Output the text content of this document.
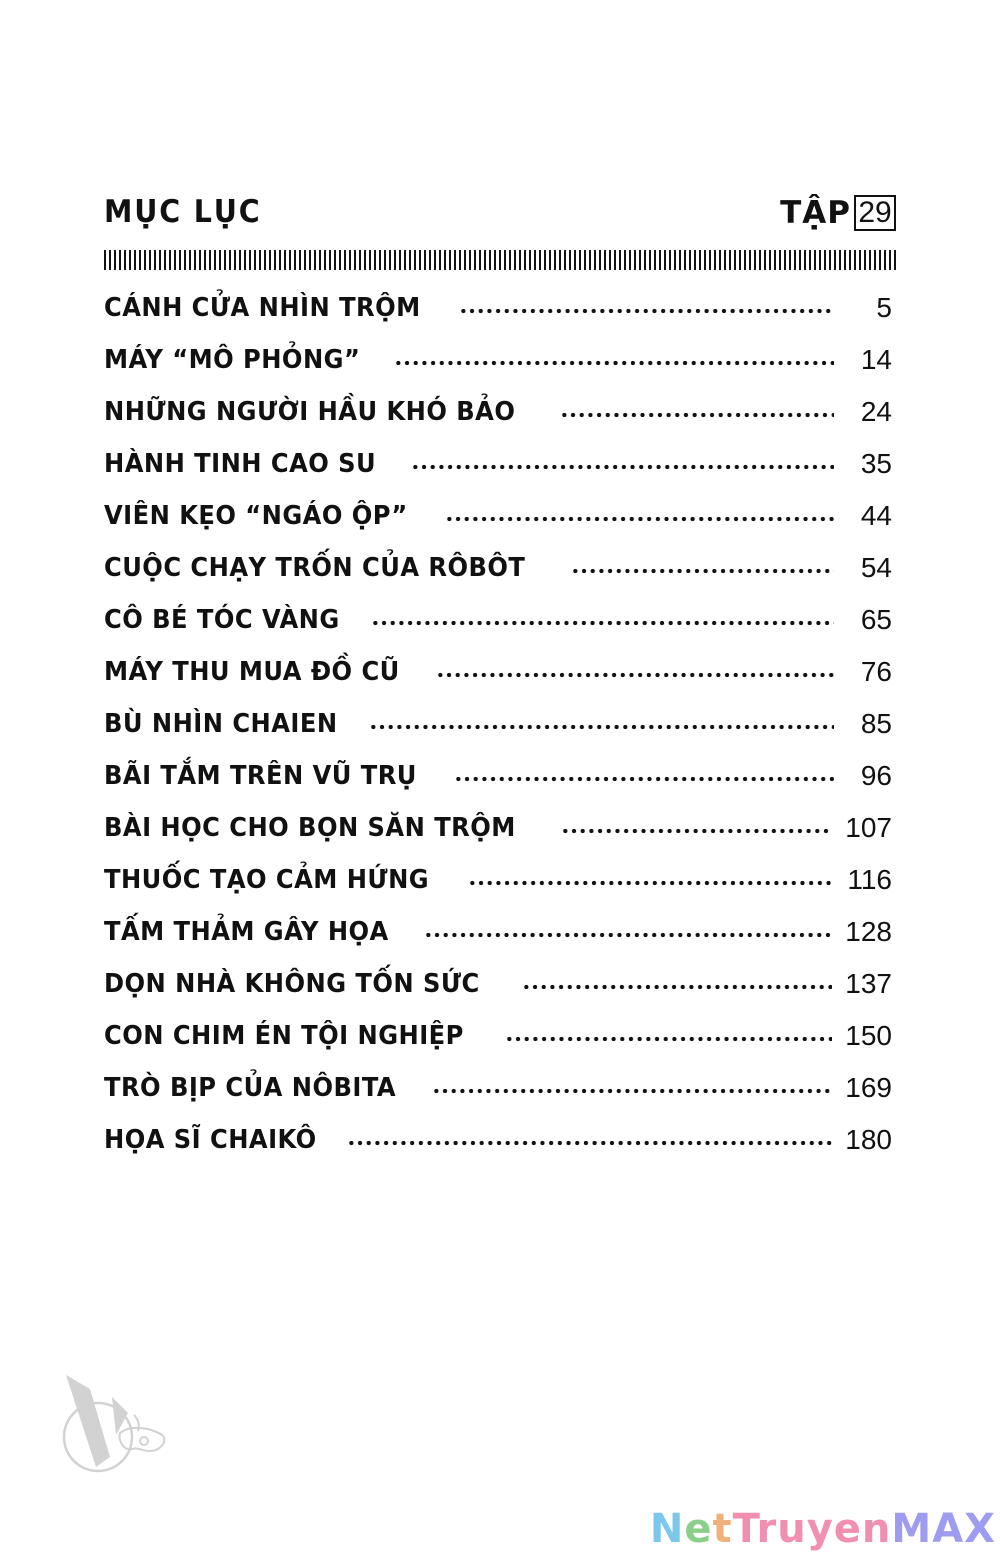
MỤC LỤC	TẬP 29
CÁNH CỬA NHÌN TRỘM	5
MÁY “MÔ PHỎNG”	14
NHỮNG NGƯỜI HẦU KHÓ BẢO	24
HÀNH TINH CAO SU	35
VIÊN KẸO “NGÁO ỘP”	44
CUỘC CHẠY TRỐN CỦA RÔBÔT	54
CÔ BÉ TÓC VÀNG	65
MÁY THU MUA ĐỒ CŨ	76
BÙ NHÌN CHAIEN	85
BÃI TẮM TRÊN VŨ TRỤ	96
BÀI HỌC CHO BỌN SĂN TRỘM	107
THUỐC TẠO CẢM HỨNG	116
TẤM THẢM GÂY HỌA	128
DỌN NHÀ KHÔNG TỐN SỨC	137
CON CHIM ÉN TỘI NGHIỆP	150
TRÒ BỊP CỦA NÔBITA	169
HỌA SĨ CHAIKÔ	180
N e t Truyen MAX
